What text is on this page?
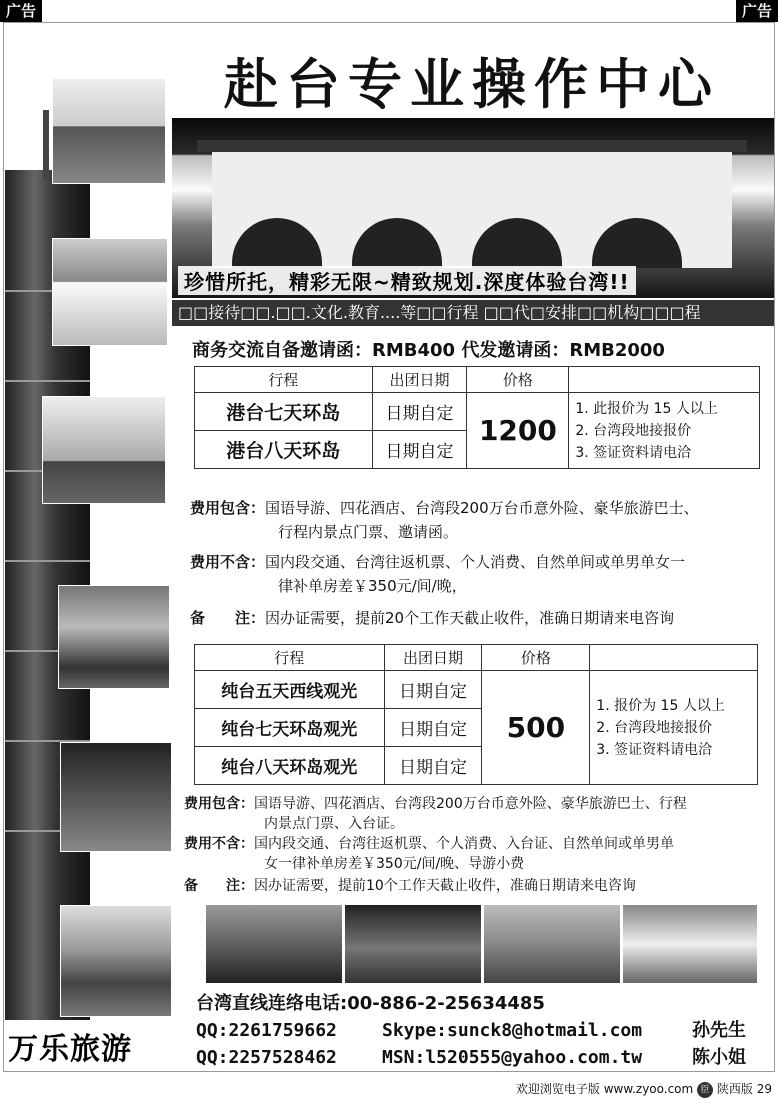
广告	广告
万乐旅游
赴台专业操作中心
珍惜所托，精彩无限~精致规划.深度体验台湾!!
□□接待□□.□□.文化.教育....等□□行程 □□代□安排□□机构□□□程
商务交流自备邀请函：RMB400 代发邀请函：RMB2000
行程	出团日期	价格	
港台七天环岛	日期自定	1200	1. 此报价为 15 人以上
2. 台湾段地接报价
3. 签证资料请电洽

港台八天环岛	日期自定		
费用包含：国语导游、四花酒店、台湾段200万台币意外险、豪华旅游巴士、
行程内景点门票、邀请函。
费用不含：国内段交通、台湾往返机票、个人消费、自然单间或单男单女一
律补单房差￥350元/间/晚，
备　　注：因办证需要，提前20个工作天截止收件，准确日期请来电咨询
行程	出团日期	价格	
纯台五天西线观光	日期自定	500	1. 报价为 15 人以上
2. 台湾段地接报价
3. 签证资料请电洽

纯台七天环岛观光	日期自定		
纯台八天环岛观光	日期自定		
费用包含：国语导游、四花酒店、台湾段200万台币意外险、豪华旅游巴士、行程
内景点门票、入台证。
费用不含：国内段交通、台湾往返机票、个人消费、入台证、自然单间或单男单
女一律补单房差￥350元/间/晚、导游小费
备　　注：因办证需要，提前10个工作天截止收件，准确日期请来电咨询
台湾直线连络电话:00-886-2-25634485
QQ:2261759662	Skype:sunck8@hotmail.com	孙先生
QQ:2257528462	MSN:l520555@yahoo.com.tw	陈小姐
欢迎浏览电子版 www.zyoo.com 臣 陕西版 29
